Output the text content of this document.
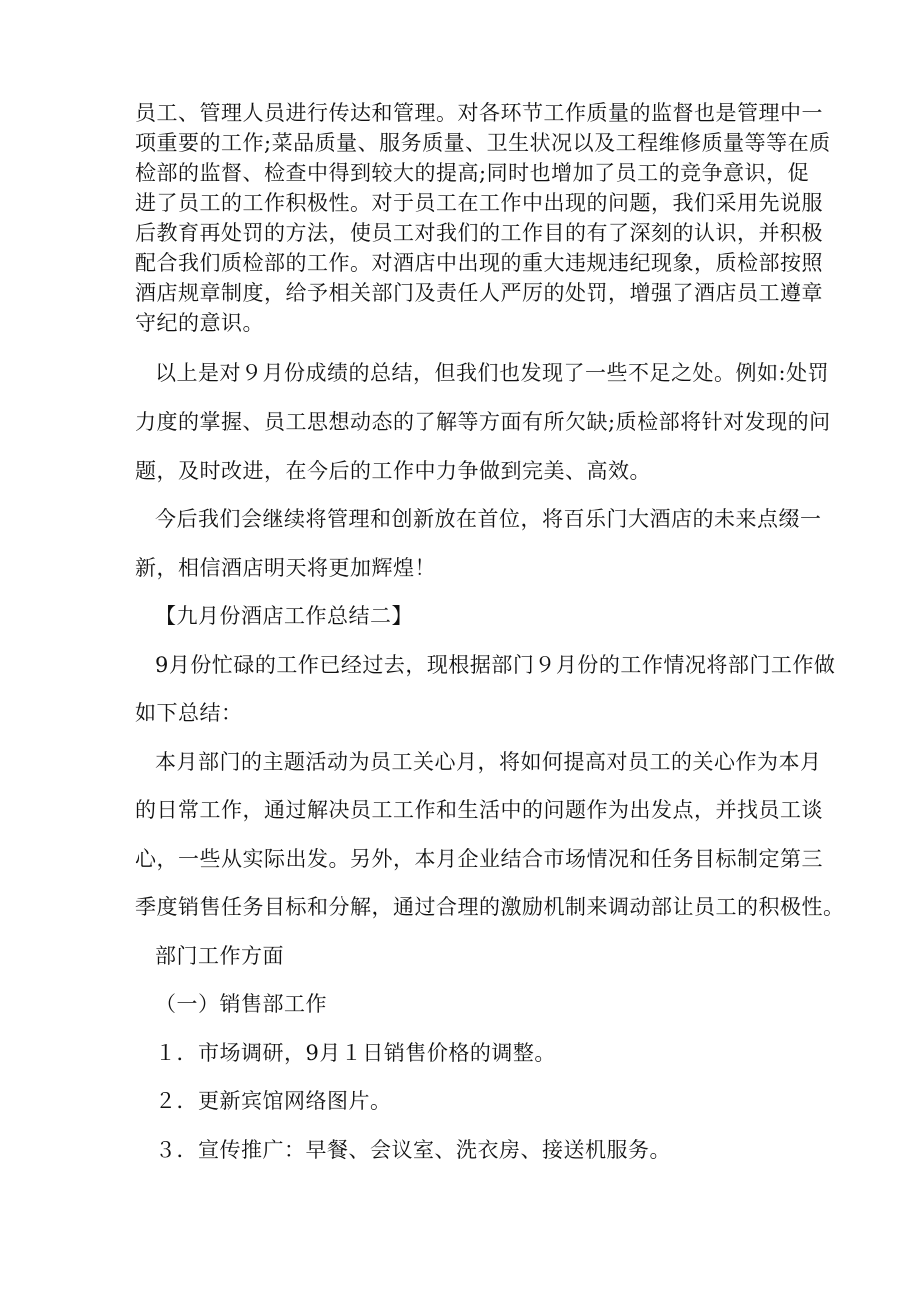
员工、管理人员进行传达和管理。对各环节工作质量的监督也是管理中一
项重要的工作;菜品质量、服务质量、卫生状况以及工程维修质量等等在质
检部的监督、检查中得到较大的提高;同时也增加了员工的竞争意识，促
进了员工的工作积极性。对于员工在工作中出现的问题，我们采用先说服
后教育再处罚的方法，使员工对我们的工作目的有了深刻的认识，并积极
配合我们质检部的工作。对酒店中出现的重大违规违纪现象，质检部按照
酒店规章制度，给予相关部门及责任人严厉的处罚，增强了酒店员工遵章
守纪的意识。
以上是对９月份成绩的总结，但我们也发现了一些不足之处。例如:处罚
力度的掌握、员工思想动态的了解等方面有所欠缺;质检部将针对发现的问
题，及时改进，在今后的工作中力争做到完美、高效。
今后我们会继续将管理和创新放在首位，将百乐门大酒店的未来点缀一
新，相信酒店明天将更加辉煌！
【九月份酒店工作总结二】
9月份忙碌的工作已经过去，现根据部门９月份的工作情况将部门工作做
如下总结：
本月部门的主题活动为员工关心月，将如何提高对员工的关心作为本月
的日常工作，通过解决员工工作和生活中的问题作为出发点，并找员工谈
心，一些从实际出发。另外，本月企业结合市场情况和任务目标制定第三
季度销售任务目标和分解，通过合理的激励机制来调动部让员工的积极性。
部门工作方面
（一）销售部工作
１．市场调研，9月１日销售价格的调整。
２．更新宾馆网络图片。
３．宣传推广：早餐、会议室、洗衣房、接送机服务。
